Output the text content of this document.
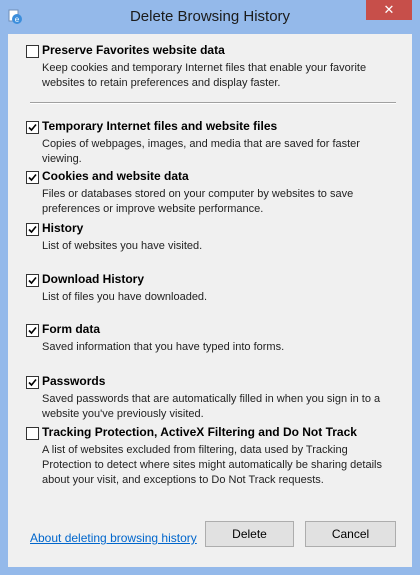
e	Delete Browsing History	✕
Preserve Favorites website data
Keep cookies and temporary Internet files that enable your favorite websites to retain preferences and display faster.
Temporary Internet files and website files
Copies of webpages, images, and media that are saved for faster viewing.
Cookies and website data
Files or databases stored on your computer by websites to save preferences or improve website performance.
History
List of websites you have visited.
Download History
List of files you have downloaded.
Form data
Saved information that you have typed into forms.
Passwords
Saved passwords that are automatically filled in when you sign in to a website you've previously visited.
Tracking Protection, ActiveX Filtering and Do Not Track
A list of websites excluded from filtering, data used by Tracking Protection to detect where sites might automatically be sharing details about your visit, and exceptions to Do Not Track requests.
About deleting browsing history	Delete	Cancel
